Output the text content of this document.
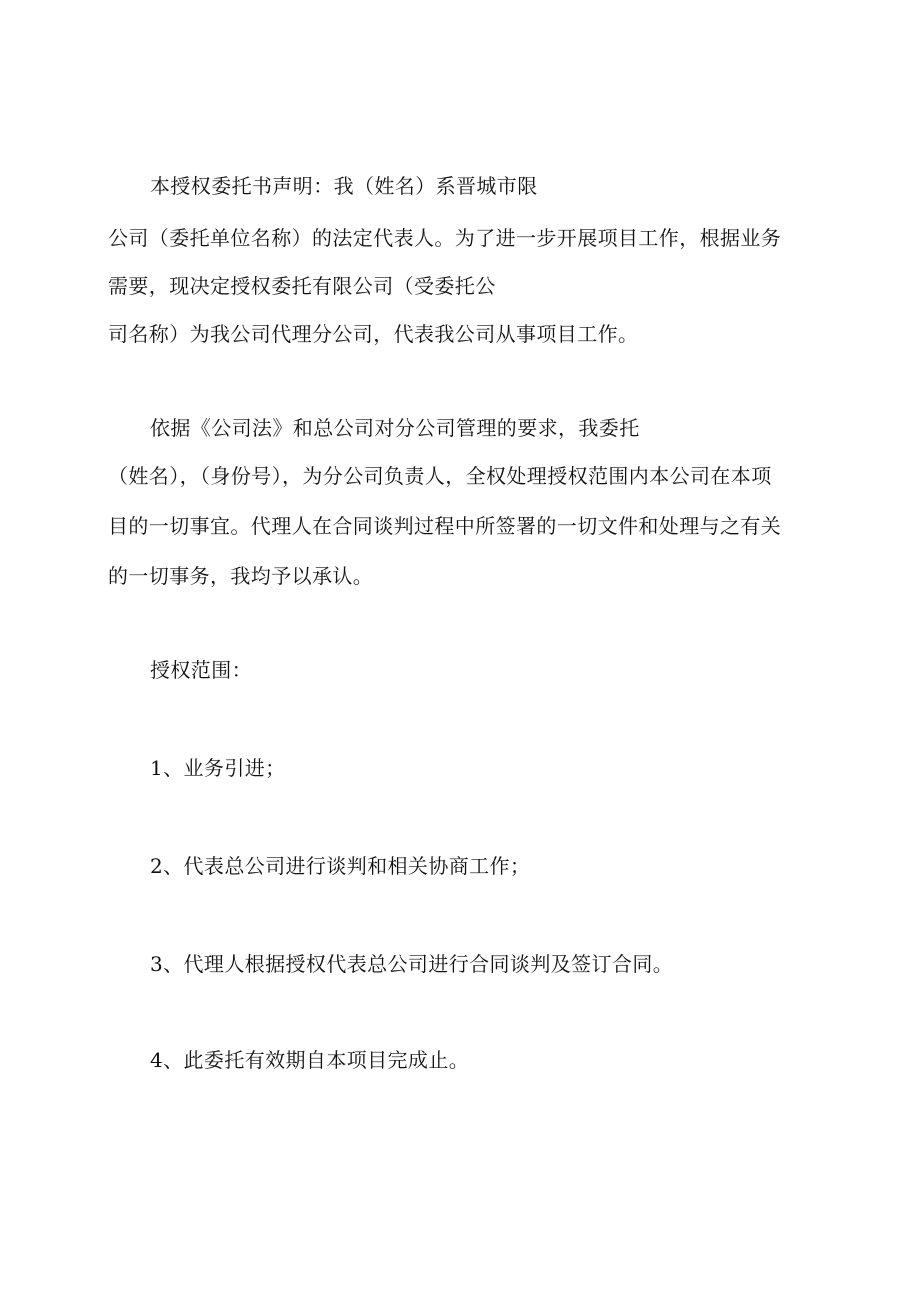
本授权委托书声明：我（姓名）系晋城市限
公司（委托单位名称）的法定代表人。为了进一步开展项目工作，根据业务
需要，现决定授权委托有限公司（受委托公
司名称）为我公司代理分公司，代表我公司从事项目工作。
依据《公司法》和总公司对分公司管理的要求，我委托
（姓名），（身份号），为分公司负责人，全权处理授权范围内本公司在本项
目的一切事宜。代理人在合同谈判过程中所签署的一切文件和处理与之有关
的一切事务，我均予以承认。
授权范围：
1、业务引进；
2、代表总公司进行谈判和相关协商工作；
3、代理人根据授权代表总公司进行合同谈判及签订合同。
4、此委托有效期自本项目完成止。
